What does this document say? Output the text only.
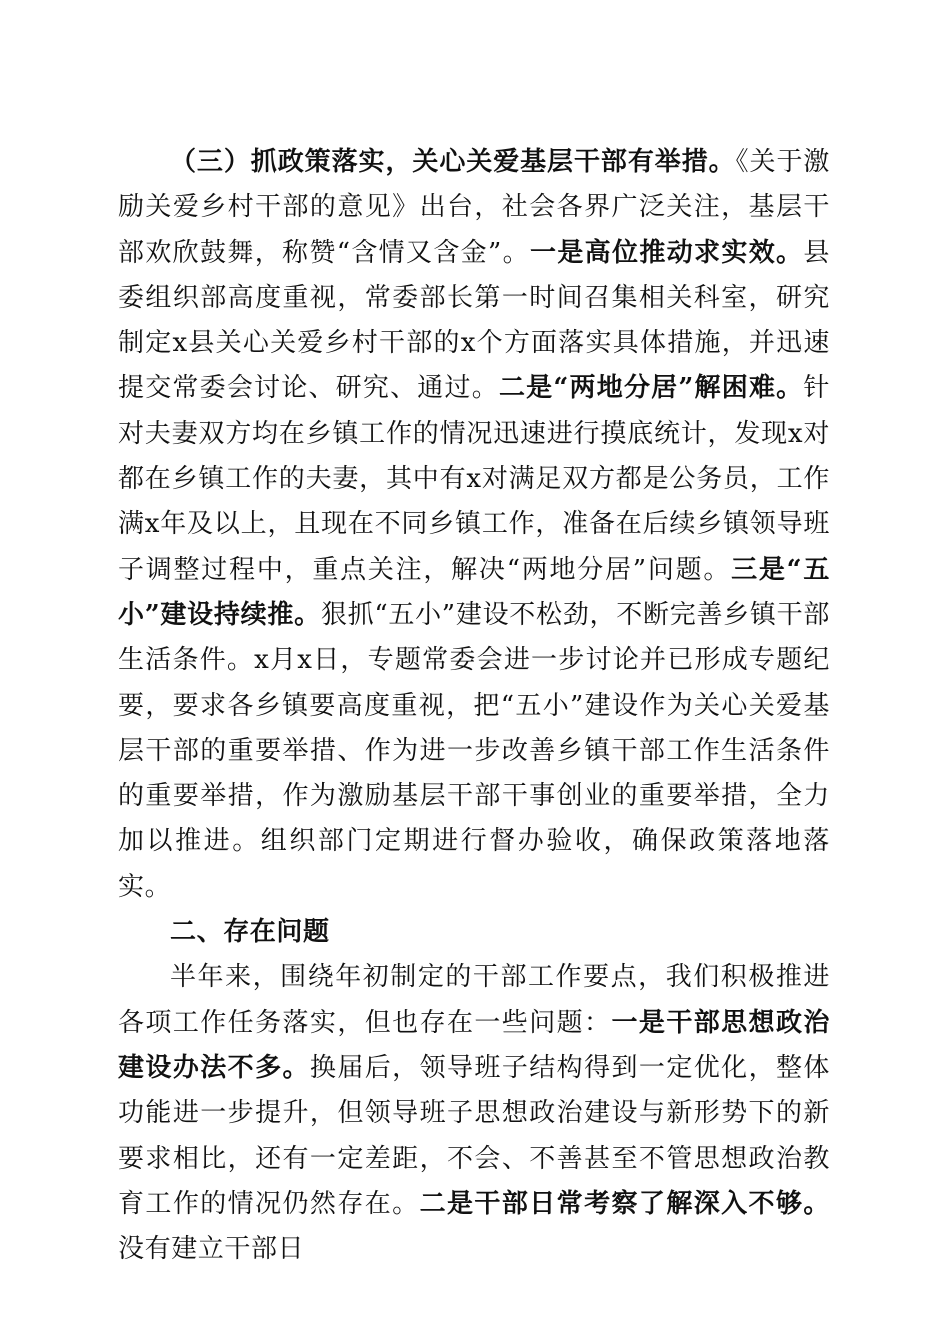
（三）抓政策落实，关心关爱基层干部有举措。《关于激励关爱乡村干部的意见》出台，社会各界广泛关注，基层干部欢欣鼓舞，称赞“含情又含金”。一是高位推动求实效。县委组织部高度重视，常委部长第一时间召集相关科室，研究制定x县关心关爱乡村干部的x个方面落实具体措施，并迅速提交常委会讨论、研究、通过。二是“两地分居”解困难。针对夫妻双方均在乡镇工作的情况迅速进行摸底统计，发现x对都在乡镇工作的夫妻，其中有x对满足双方都是公务员，工作满x年及以上，且现在不同乡镇工作，准备在后续乡镇领导班子调整过程中，重点关注，解决“两地分居”问题。三是“五小”建设持续推。狠抓“五小”建设不松劲，不断完善乡镇干部生活条件。x月x日，专题常委会进一步讨论并已形成专题纪要，要求各乡镇要高度重视，把“五小”建设作为关心关爱基层干部的重要举措、作为进一步改善乡镇干部工作生活条件的重要举措，作为激励基层干部干事创业的重要举措，全力加以推进。组织部门定期进行督办验收，确保政策落地落实。

二、存在问题

半年来，围绕年初制定的干部工作要点，我们积极推进各项工作任务落实，但也存在一些问题：一是干部思想政治建设办法不多。换届后，领导班子结构得到一定优化，整体功能进一步提升，但领导班子思想政治建设与新形势下的新要求相比，还有一定差距，不会、不善甚至不管思想政治教育工作的情况仍然存在。二是干部日常考察了解深入不够。没有建立干部日
